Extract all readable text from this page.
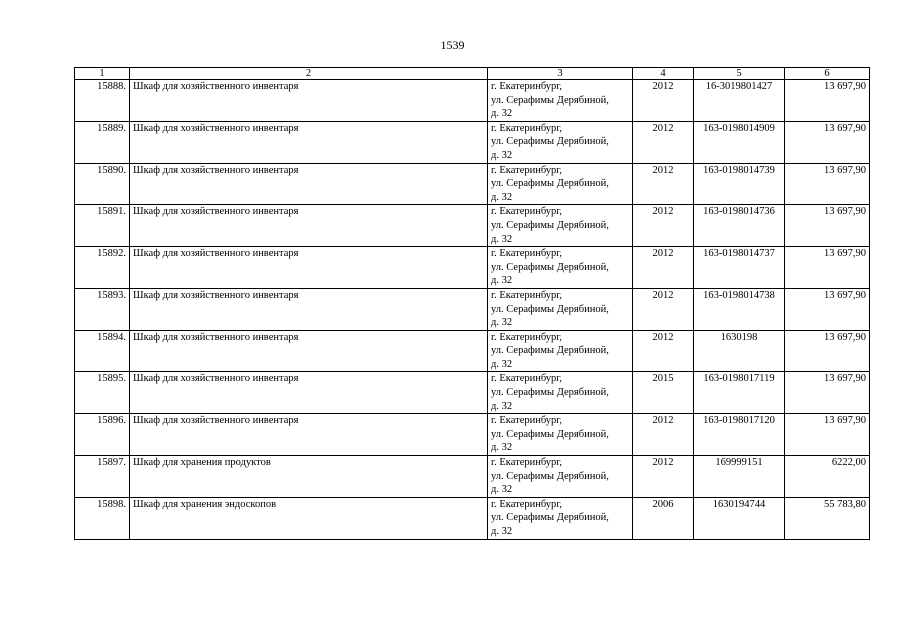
1539
1	2	3	4	5	6
15888.	Шкаф для хозяйственного инвентаря	г. Екатеринбург,
ул. Серафимы Дерябиной,
д. 32	2012	16-3019801427	13 697,90
15889.	Шкаф для хозяйственного инвентаря	г. Екатеринбург,
ул. Серафимы Дерябиной,
д. 32	2012	163-0198014909	13 697,90
15890.	Шкаф для хозяйственного инвентаря	г. Екатеринбург,
ул. Серафимы Дерябиной,
д. 32	2012	163-0198014739	13 697,90
15891.	Шкаф для хозяйственного инвентаря	г. Екатеринбург,
ул. Серафимы Дерябиной,
д. 32	2012	163-0198014736	13 697,90
15892.	Шкаф для хозяйственного инвентаря	г. Екатеринбург,
ул. Серафимы Дерябиной,
д. 32	2012	163-0198014737	13 697,90
15893.	Шкаф для хозяйственного инвентаря	г. Екатеринбург,
ул. Серафимы Дерябиной,
д. 32	2012	163-0198014738	13 697,90
15894.	Шкаф для хозяйственного инвентаря	г. Екатеринбург,
ул. Серафимы Дерябиной,
д. 32	2012	1630198	13 697,90
15895.	Шкаф для хозяйственного инвентаря	г. Екатеринбург,
ул. Серафимы Дерябиной,
д. 32	2015	163-0198017119	13 697,90
15896.	Шкаф для хозяйственного инвентаря	г. Екатеринбург,
ул. Серафимы Дерябиной,
д. 32	2012	163-0198017120	13 697,90
15897.	Шкаф для хранения продуктов	г. Екатеринбург,
ул. Серафимы Дерябиной,
д. 32	2012	169999151	6222,00
15898.	Шкаф для хранения эндоскопов	г. Екатеринбург,
ул. Серафимы Дерябиной,
д. 32	2006	1630194744	55 783,80
